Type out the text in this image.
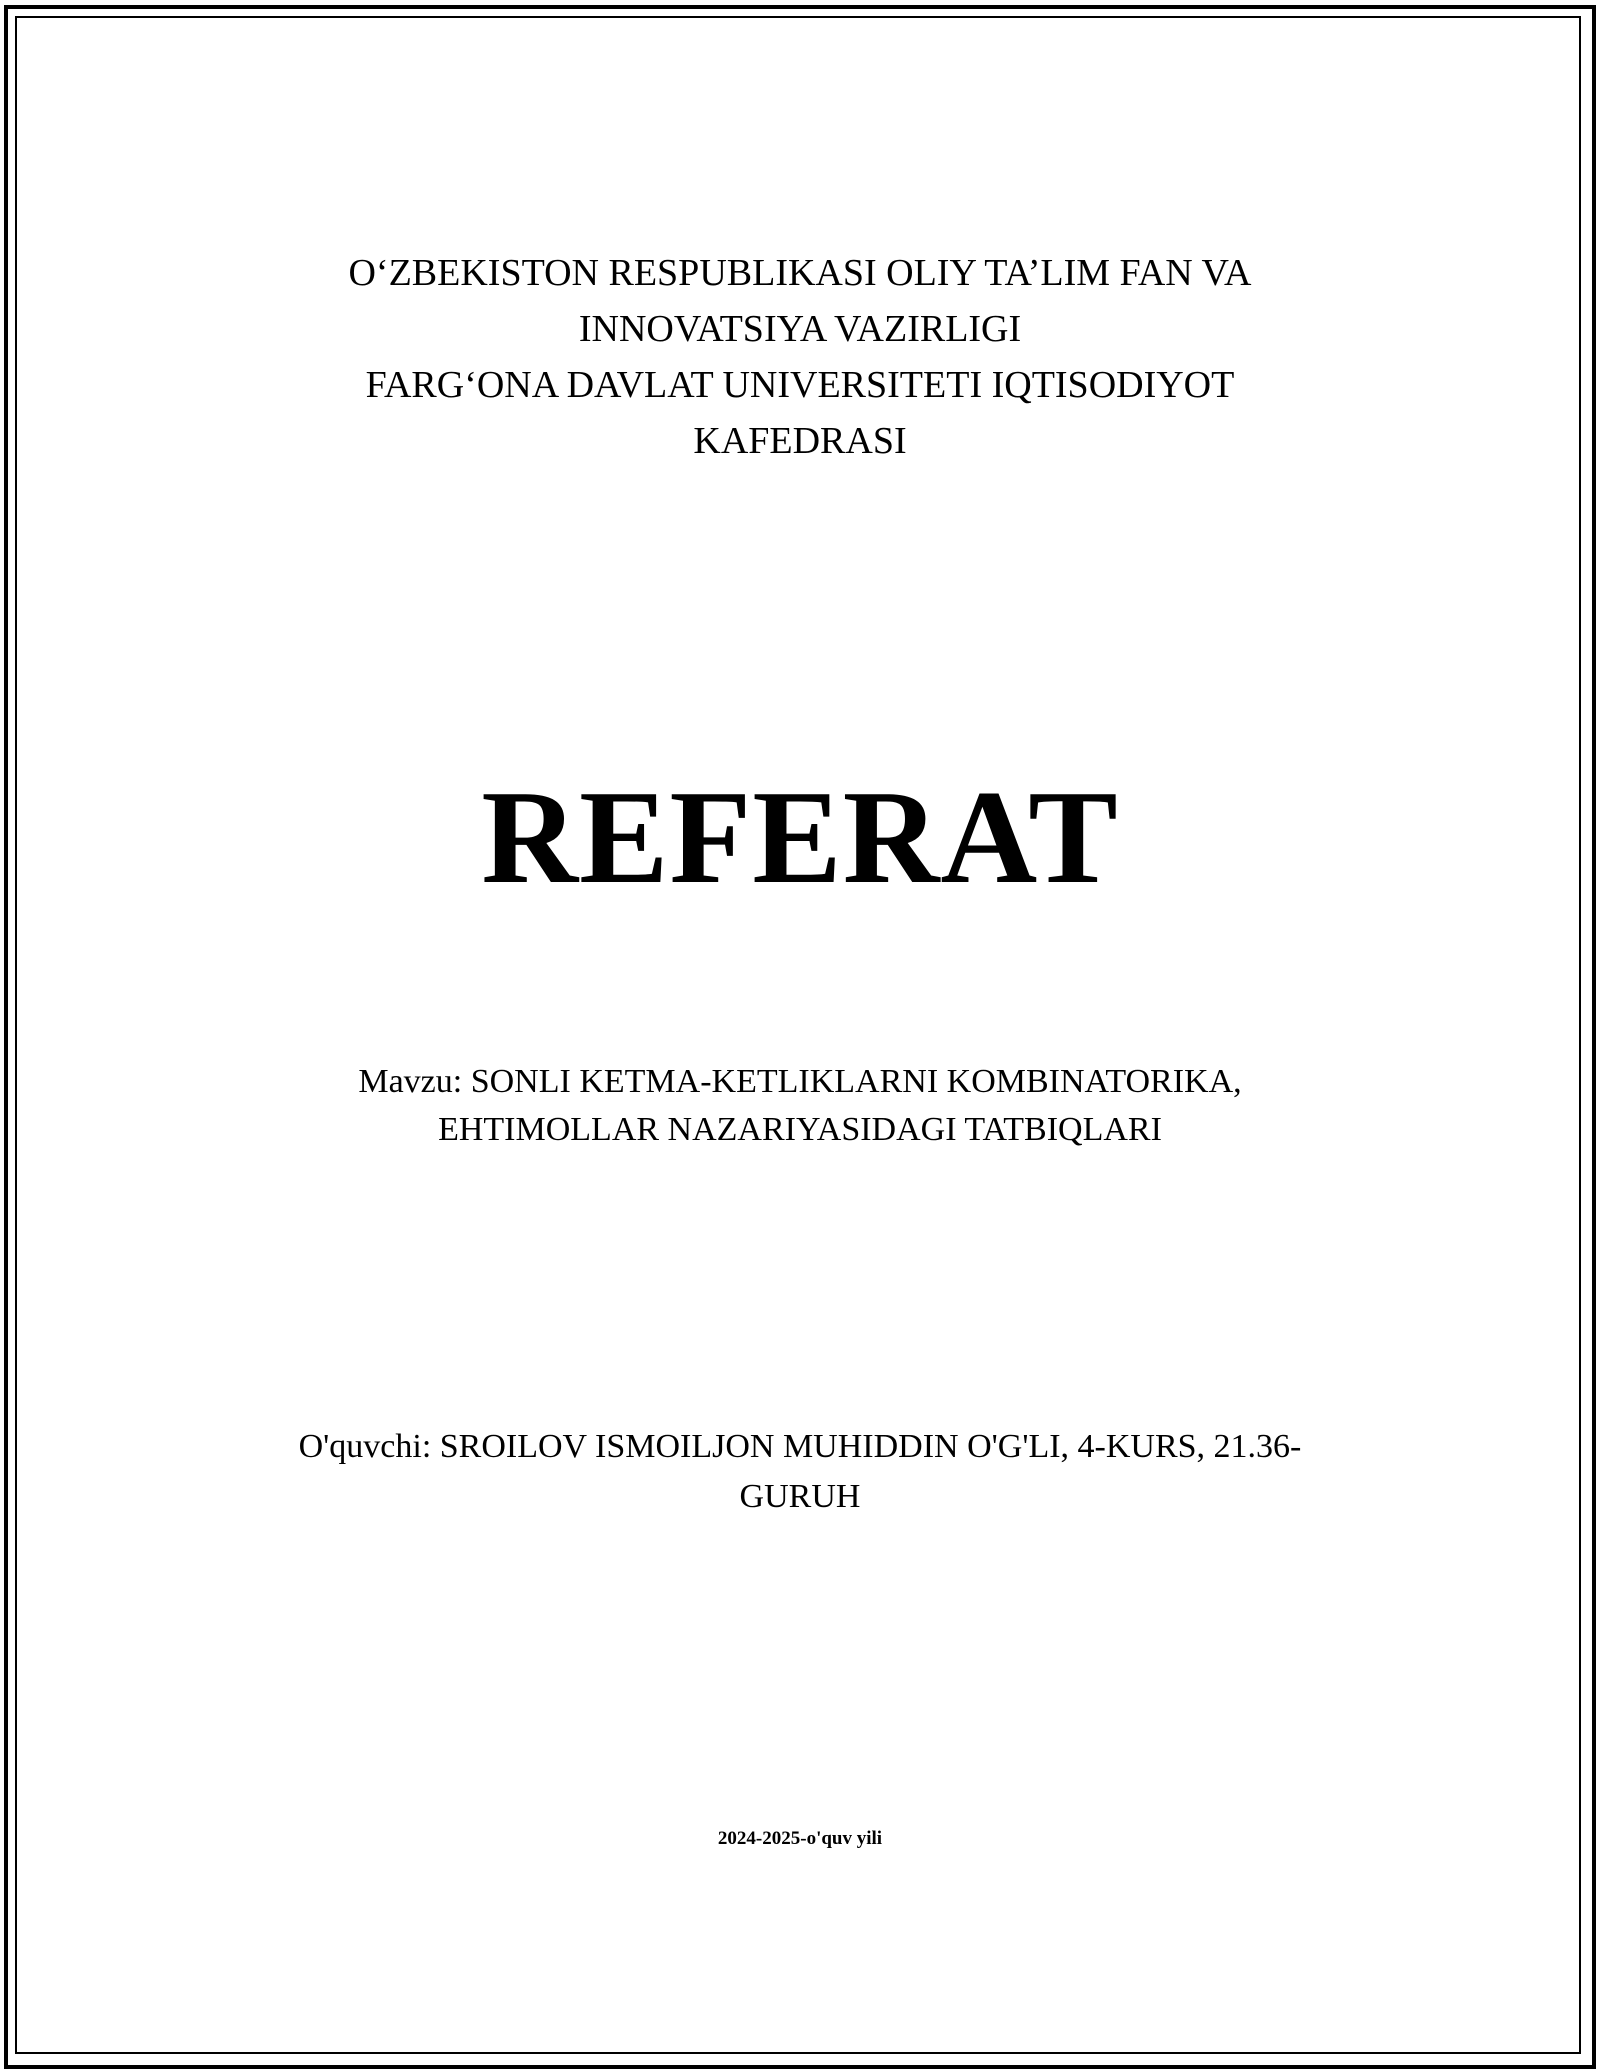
O‘ZBEKISTON RESPUBLIKASI OLIY TA’LIM FAN VA
INNOVATSIYA VAZIRLIGI
FARG‘ONA DAVLAT UNIVERSITETI IQTISODIYOT
KAFEDRASI
REFERAT
Mavzu: SONLI KETMA-KETLIKLARNI KOMBINATORIKA,
EHTIMOLLAR NAZARIYASIDAGI TATBIQLARI
O'quvchi: SROILOV ISMOILJON MUHIDDIN O'G'LI, 4-KURS, 21.36-
GURUH
2024-2025-o'quv yili
